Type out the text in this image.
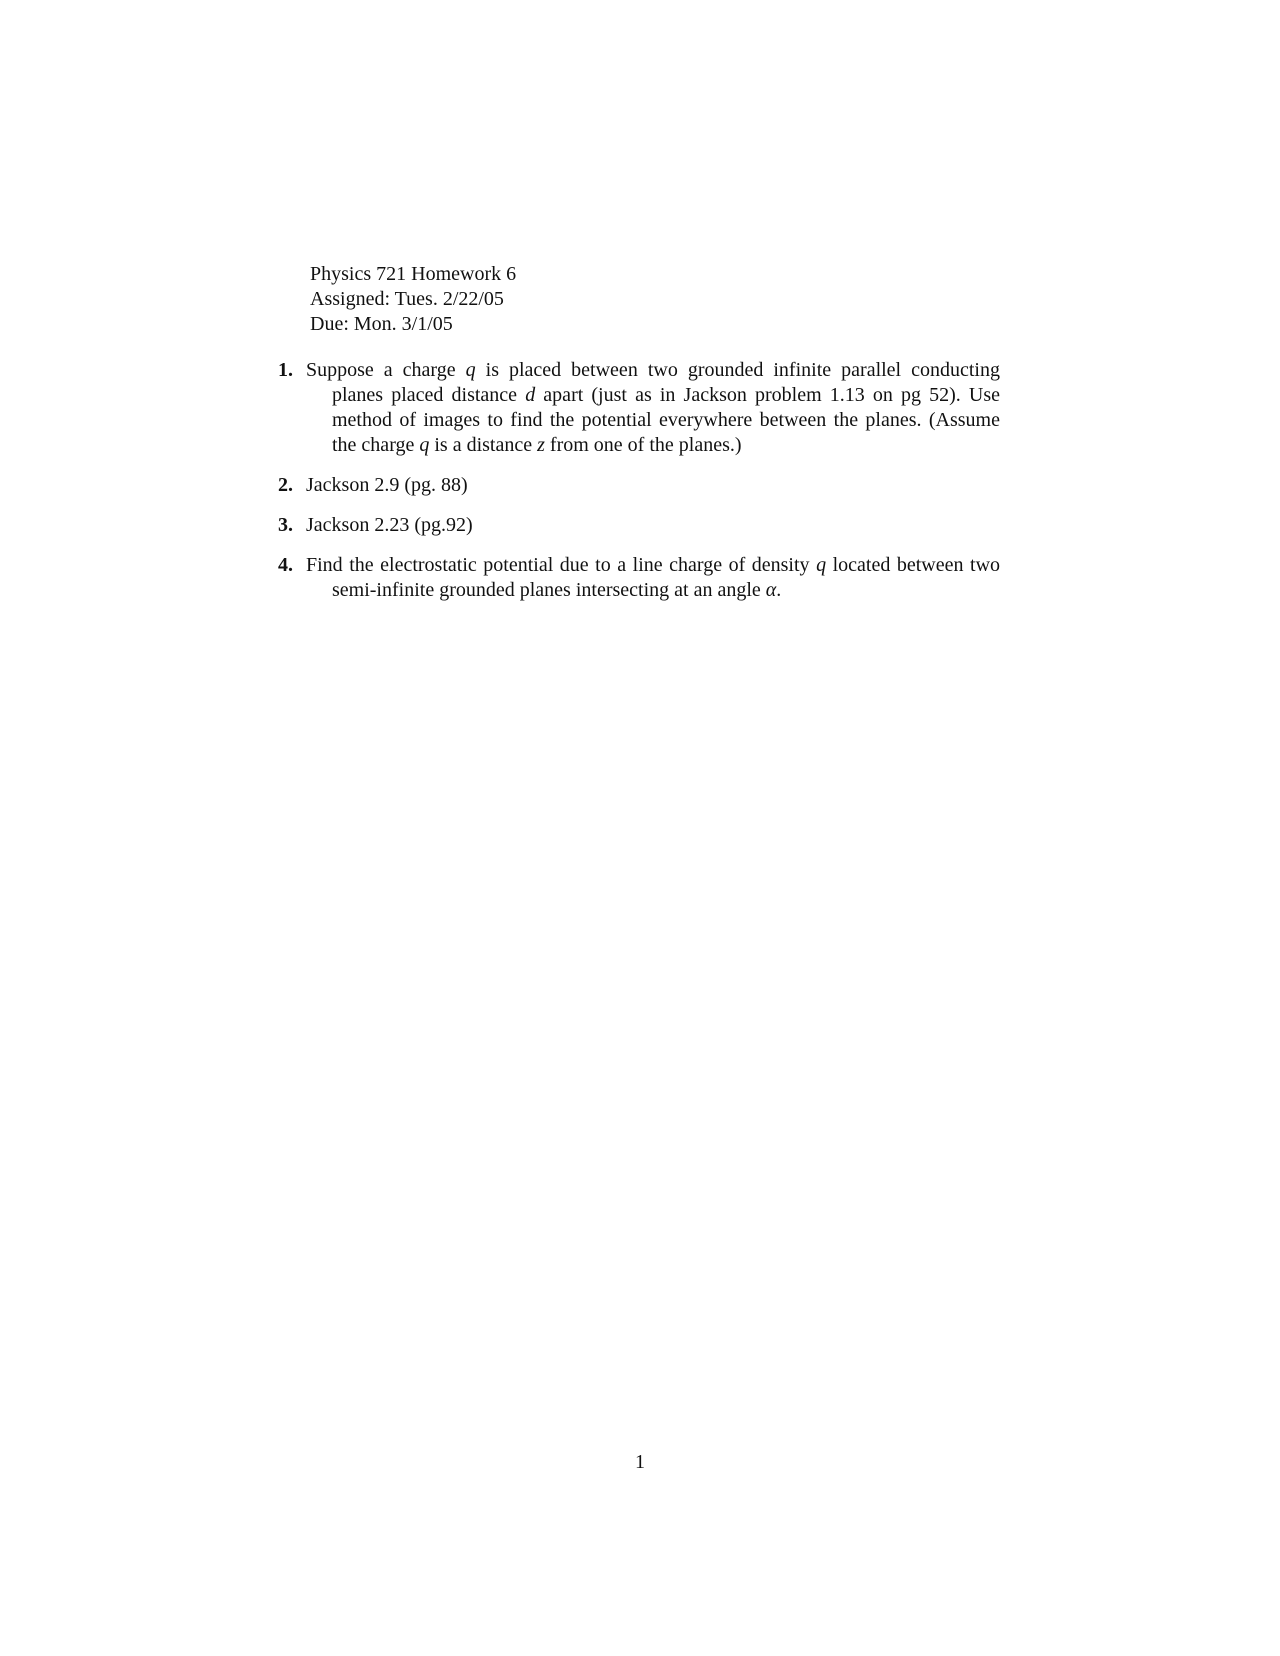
Physics 721 Homework 6
Assigned: Tues. 2/22/05
Due: Mon. 3/1/05
1. Suppose a charge q is placed between two grounded infinite parallel conducting
planes placed distance d apart (just as in Jackson problem 1.13 on pg 52). Use
method of images to find the potential everywhere between the planes. (Assume
the charge q is a distance z from one of the planes.)
2. Jackson 2.9 (pg. 88)
3. Jackson 2.23 (pg.92)
4. Find the electrostatic potential due to a line charge of density q located between two
semi-infinite grounded planes intersecting at an angle α.
1
